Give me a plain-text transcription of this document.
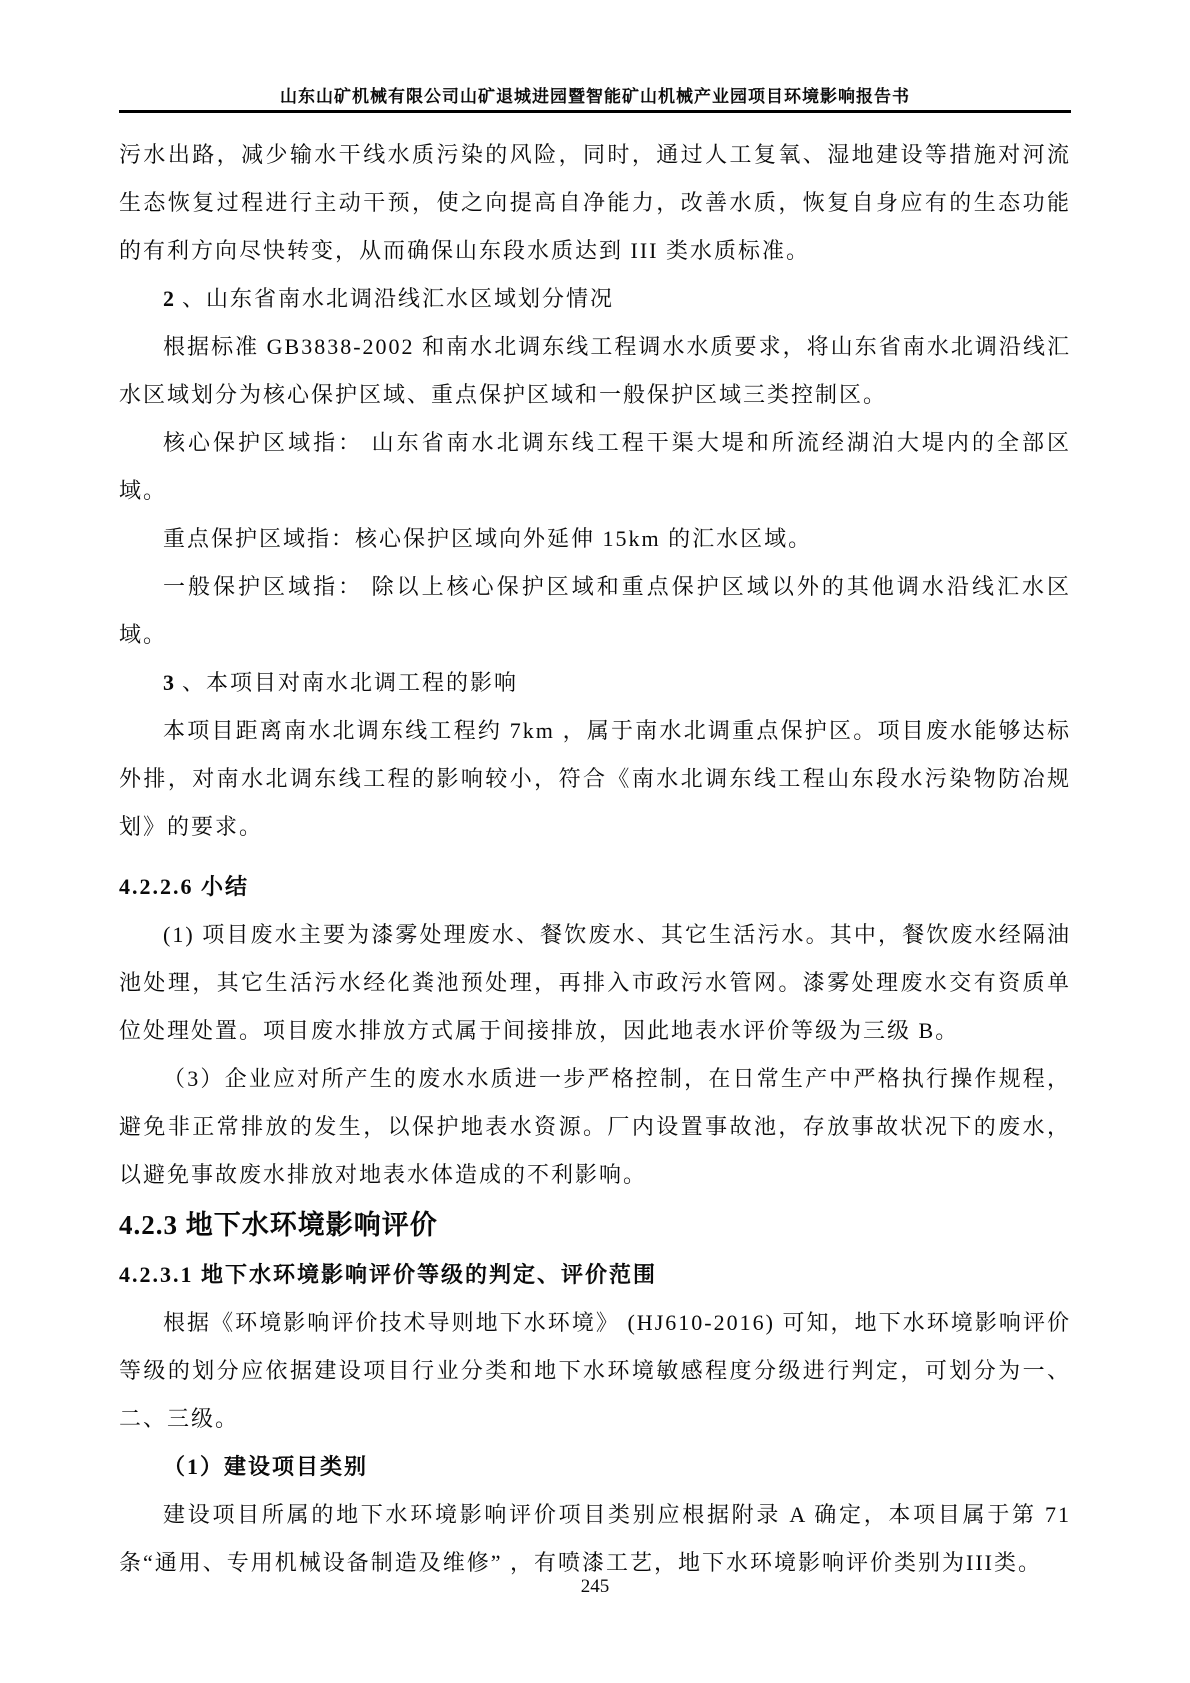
山东山矿机械有限公司山矿退城进园暨智能矿山机械产业园项目环境影响报告书

污水出路，减少输水干线水质污染的风险，同时，通过人工复氧、湿地建设等措施对河流生态恢复过程进行主动干预，使之向提高自净能力，改善水质，恢复自身应有的生态功能的有利方向尽快转变，从而确保山东段水质达到 III 类水质标准。

2 、山东省南水北调沿线汇水区域划分情况

根据标准 GB3838-2002 和南水北调东线工程调水水质要求，将山东省南水北调沿线汇水区域划分为核心保护区域、重点保护区域和一般保护区域三类控制区。

核心保护区域指： 山东省南水北调东线工程干渠大堤和所流经湖泊大堤内的全部区域。

重点保护区域指：核心保护区域向外延伸 15km 的汇水区域。

一般保护区域指： 除以上核心保护区域和重点保护区域以外的其他调水沿线汇水区域。

3 、本项目对南水北调工程的影响

本项目距离南水北调东线工程约 7km ，属于南水北调重点保护区。项目废水能够达标外排，对南水北调东线工程的影响较小，符合《南水北调东线工程山东段水污染物防冶规划》的要求。

4.2.2.6 小结

(1) 项目废水主要为漆雾处理废水、餐饮废水、其它生活污水。其中，餐饮废水经隔油池处理，其它生活污水经化粪池预处理，再排入市政污水管网。漆雾处理废水交有资质单位处理处置。项目废水排放方式属于间接排放，因此地表水评价等级为三级 B。

（3）企业应对所产生的废水水质进一步严格控制，在日常生产中严格执行操作规程，避免非正常排放的发生，以保护地表水资源。厂内设置事故池，存放事故状况下的废水，以避免事故废水排放对地表水体造成的不利影响。

4.2.3 地下水环境影响评价

4.2.3.1 地下水环境影响评价等级的判定、评价范围

根据《环境影响评价技术导则地下水环境》 (HJ610-2016) 可知，地下水环境影响评价等级的划分应依据建设项目行业分类和地下水环境敏感程度分级进行判定，可划分为一、二、三级。

（1）建设项目类别

建设项目所属的地下水环境影响评价项目类别应根据附录 A 确定，本项目属于第 71 条“通用、专用机械设备制造及维修” ，有喷漆工艺，地下水环境影响评价类别为III类。

245
